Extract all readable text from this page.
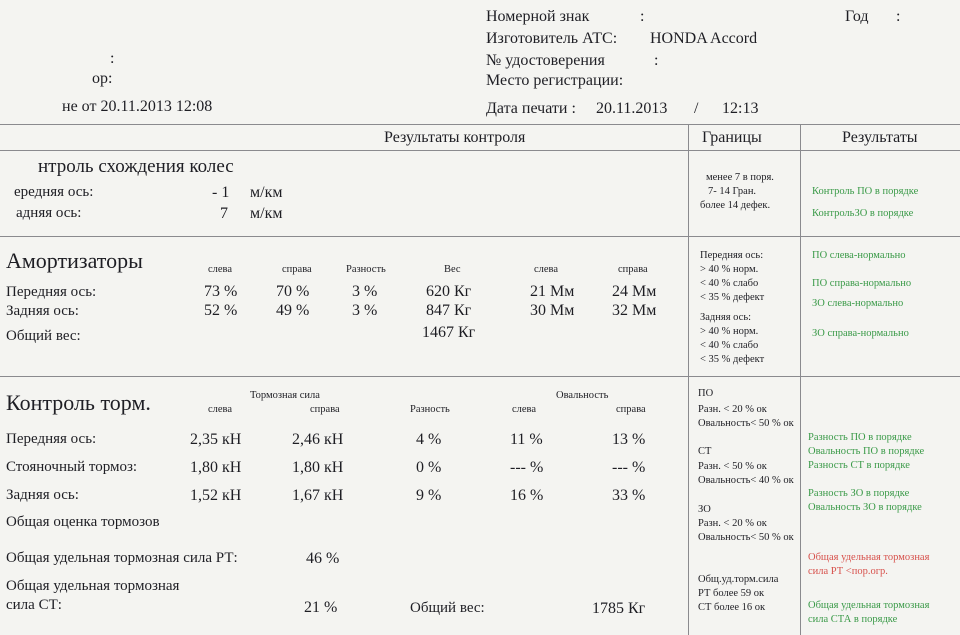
Номерной знак	:	Год :
Изготовитель АТС: HONDA Accord
№ удостоверения	:
Место регистрации:
:
ор:
не от 20.11.2013 12:08	Дата печати : 20.11.2013 / 12:13
Результаты контроля	Границы	Результаты
нтроль схождения колес
ередняя ось:	- 1 м/км
адняя ось:	7 м/км
менее 7 в поря.
7- 14 Гран.
более 14 дефек.
Контроль ПО в порядке
КонтрольЗО в порядке
Амортизаторы	слева	справа	Разность	Вес	слева	справа
Передняя ось:	73 % 70 %	3 %	620 Кг	21 Мм 24 Мм
Задняя ось:	52 % 49 %	3 %	847 Кг	30 Мм 32 Мм
Общий вес:	1467 Кг
Передняя ось:
> 40 % норм.
< 40 % слабо
< 35 % дефект
Задняя ось:
> 40 % норм.
< 40 % слабо
< 35 % дефект
ПО слева-нормально
ПО справа-нормально
ЗО слева-нормально
ЗО справа-нормально
Контроль торм.	Тормозная сила	Овальность
слева	справа	Разность	слева	справа
Передняя ось:	2,35 кН	2,46 кН	4 %	11 %	13 %
Стояночный тормоз:	1,80 кН	1,80 кН	0 %	--- %	--- %
Задняя ось:	1,52 кН	1,67 кН	9 %	16 %	33 %
Общая оценка тормозов
Общая удельная тормозная сила РТ:	46 %
Общая удельная тормозная
сила СТ:	21 %	Общий вес:	1785 Кг
ПО
Разн. < 20 % ок
Овальность< 50 % ок
СТ
Разн. < 50 % ок
Овальность< 40 % ок
ЗО
Разн. < 20 % ок
Овальность< 50 % ок
Общ.уд.торм.сила
РТ более 59 ок
СТ более 16 ок
Разность ПО в порядке
Овальность ПО в порядке
Разность СТ в порядке
Разность ЗО в порядке
Овальность ЗО в порядке
Общая удельная тормозная
сила РТ <пор.огр.
Общая удельная тормозная
сила СТА в порядке
